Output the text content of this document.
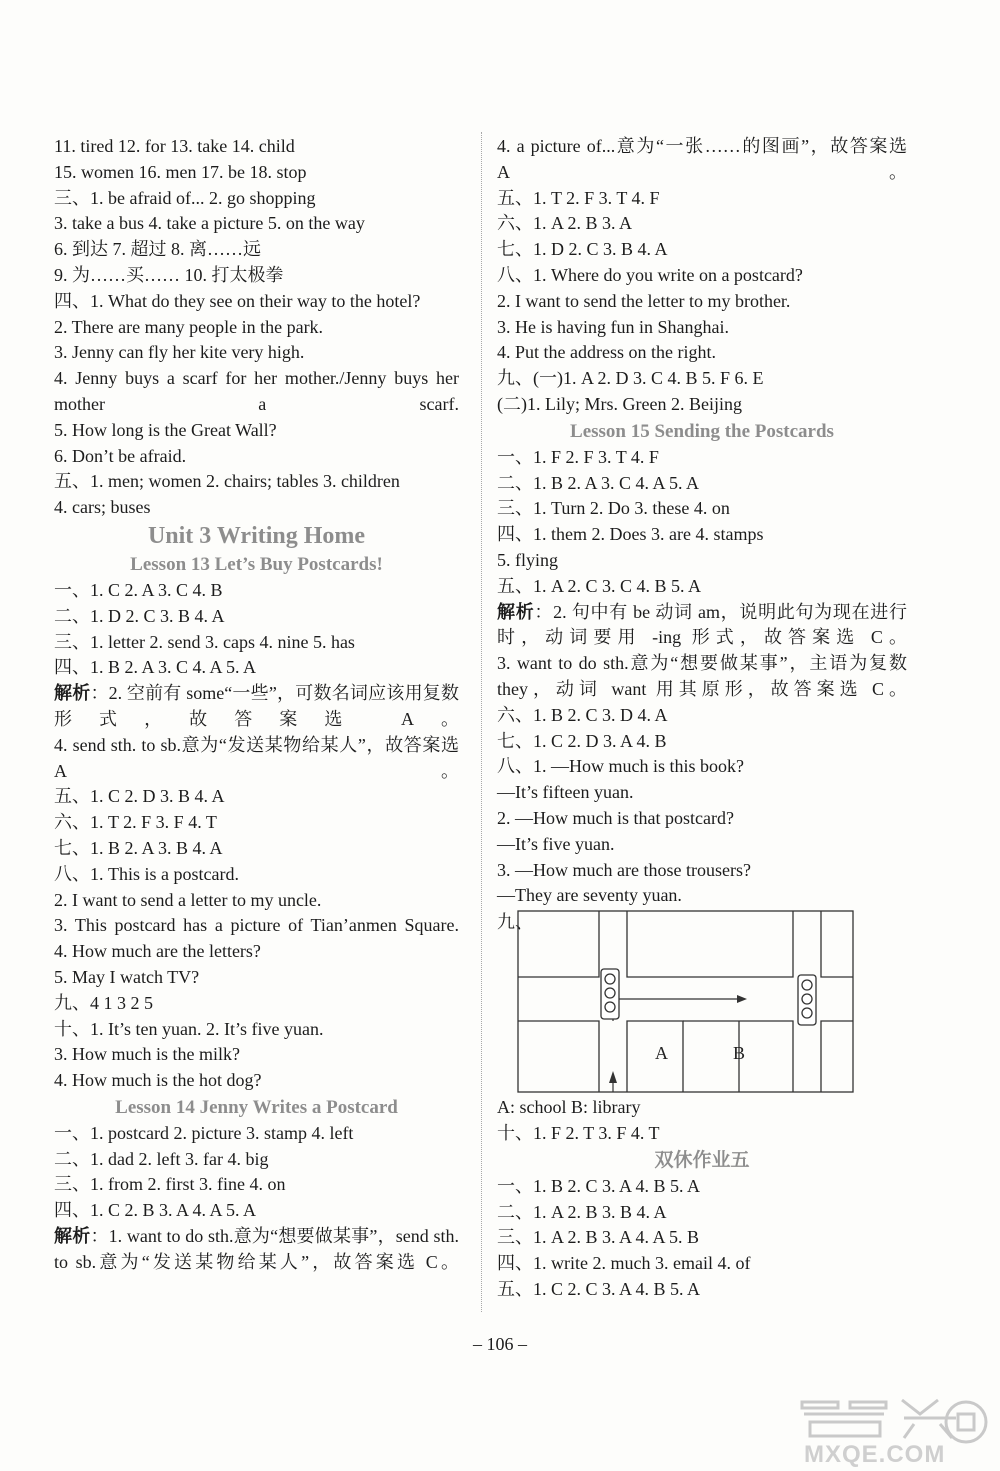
11. tired 12. for 13. take 14. child
15. women 16. men 17. be 18. stop
三、1. be afraid of... 2. go shopping
3. take a bus 4. take a picture 5. on the way
6. 到达 7. 超过 8. 离……远
9. 为……买…… 10. 打太极拳
四、1. What do they see on their way to the hotel?
2. There are many people in the park.
3. Jenny can fly her kite very high.
4. Jenny buys a scarf for her mother./Jenny buys her mother a scarf.
5. How long is the Great Wall?
6. Don’t be afraid.
五、1. men; women 2. chairs; tables 3. children
4. cars; buses
Unit 3 Writing Home
Lesson 13 Let’s Buy Postcards!
一、1. C 2. A 3. C 4. B
二、1. D 2. C 3. B 4. A
三、1. letter 2. send 3. caps 4. nine 5. has
四、1. B 2. A 3. C 4. A 5. A
解析：2. 空前有 some“一些”，可数名词应该用复数形式，故答案选 A。
4. send sth. to sb.意为“发送某物给某人”，故答案选 A。
五、1. C 2. D 3. B 4. A
六、1. T 2. F 3. F 4. T
七、1. B 2. A 3. B 4. A
八、1. This is a postcard.
2. I want to send a letter to my uncle.
3. This postcard has a picture of Tian’anmen Square.
4. How much are the letters?
5. May I watch TV?
九、4 1 3 2 5
十、1. It’s ten yuan. 2. It’s five yuan.
3. How much is the milk?
4. How much is the hot dog?
Lesson 14 Jenny Writes a Postcard
一、1. postcard 2. picture 3. stamp 4. left
二、1. dad 2. left 3. far 4. big
三、1. from 2. first 3. fine 4. on
四、1. C 2. B 3. A 4. A 5. A
解析：1. want to do sth.意为“想要做某事”，send sth. to sb.意为“发送某物给某人”，故答案选 C。
4. a picture of...意为“一张……的图画”，故答案选 A。
五、1. T 2. F 3. T 4. F
六、1. A 2. B 3. A
七、1. D 2. C 3. B 4. A
八、1. Where do you write on a postcard?
2. I want to send the letter to my brother.
3. He is having fun in Shanghai.
4. Put the address on the right.
九、(一)1. A 2. D 3. C 4. B 5. F 6. E
(二)1. Lily; Mrs. Green 2. Beijing
Lesson 15 Sending the Postcards
一、1. F 2. F 3. T 4. F
二、1. B 2. A 3. C 4. A 5. A
三、1. Turn 2. Do 3. these 4. on
四、1. them 2. Does 3. are 4. stamps
5. flying
五、1. A 2. C 3. C 4. B 5. A
解析：2. 句中有 be 动词 am，说明此句为现在进行时，动词要用 -ing 形式，故答案选 C。
3. want to do sth.意为“想要做某事”，主语为复数 they，动词 want 用其原形，故答案选 C。
六、1. B 2. C 3. D 4. A
七、1. C 2. D 3. A 4. B
八、1. —How much is this book?
—It’s fifteen yuan.
2. —How much is that postcard?
—It’s five yuan.
3. —How much are those trousers?
—They are seventy yuan.
九、
A	B
A: school B: library
十、1. F 2. T 3. F 4. T
双休作业五
一、1. B 2. C 3. A 4. B 5. A
二、1. A 2. B 3. B 4. A
三、1. A 2. B 3. A 4. A 5. B
四、1. write 2. much 3. email 4. of
五、1. C 2. C 3. A 4. B 5. A
– 106 –
MXQE.COM
